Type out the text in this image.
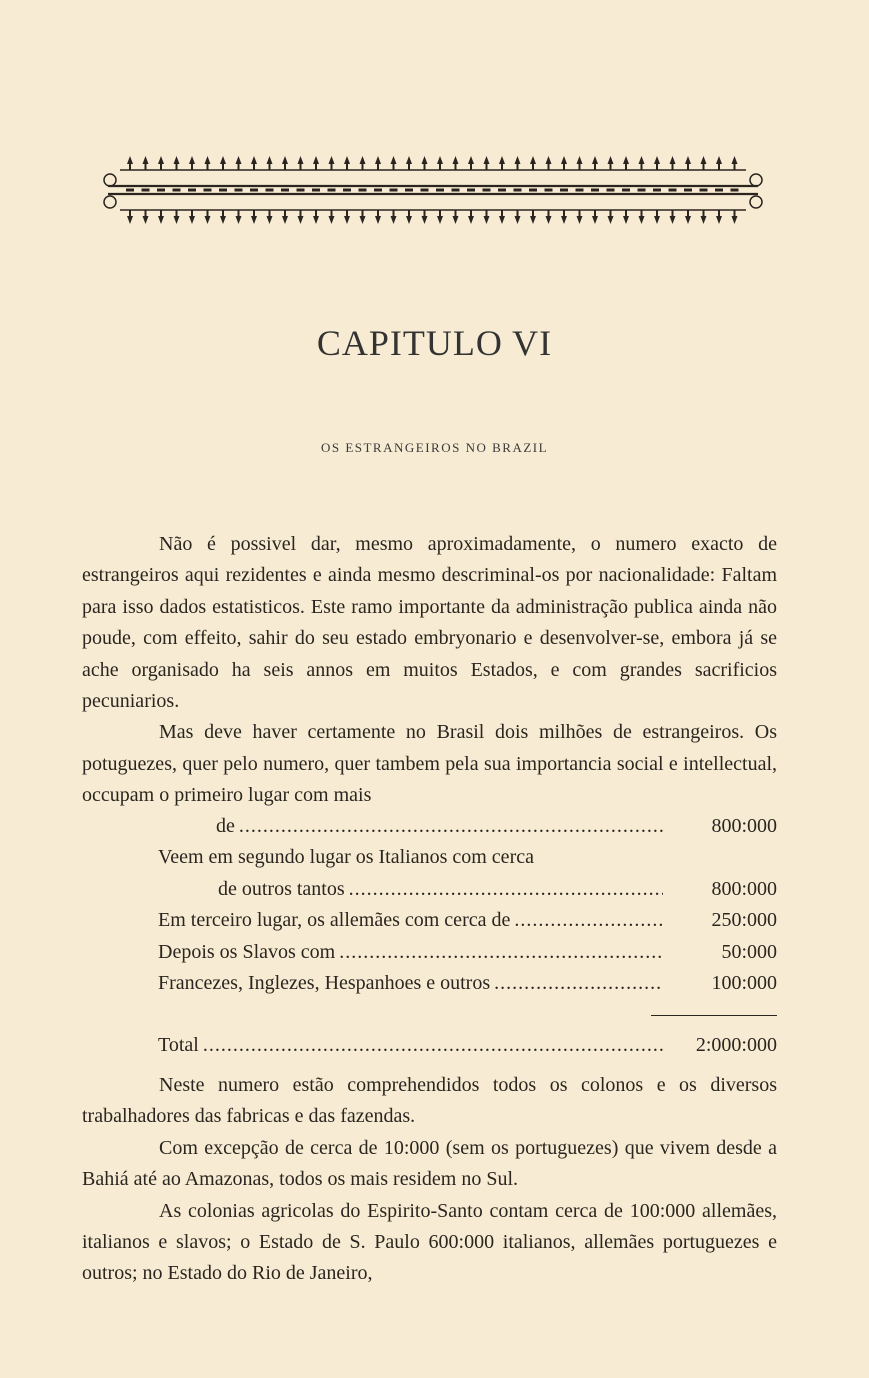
CAPITULO VI
OS ESTRANGEIROS NO BRAZIL

Não é possivel dar, mesmo aproximadamente, o numero exacto de estrangeiros aqui rezidentes e ainda mesmo descriminal-os por nacionalidade: Faltam para isso dados estatisticos. Este ramo importante da administração publica ainda não poude, com effeito, sahir do seu estado embryonario e desenvolver-se, embora já se ache organisado ha seis annos em muitos Estados, e com grandes sacrificios pecuniarios.

Mas deve haver certamente no Brasil dois milhões de estrangeiros. Os potuguezes, quer pelo numero, quer tambem pela sua importancia social e intellectual, occupam o primeiro lugar com mais

de .....	800:000
Veem em segundo lugar os Italianos com cerca
de outros tantos .....	800:000
Em terceiro lugar, os allemães com cerca de .....	250:000
Depois os Slavos com .....	50:000
Francezes, Inglezes, Hespanhoes e outros .....	100:000
Total .....	2:000:000

Neste numero estão comprehendidos todos os colonos e os diversos trabalhadores das fabricas e das fazendas.

Com excepção de cerca de 10:000 (sem os portuguezes) que vivem desde a Bahiá até ao Amazonas, todos os mais residem no Sul.

As colonias agricolas do Espirito-Santo contam cerca de 100:000 allemães, italianos e slavos; o Estado de S. Paulo 600:000 italianos, allemães portuguezes e outros; no Estado do Rio de Janeiro,
